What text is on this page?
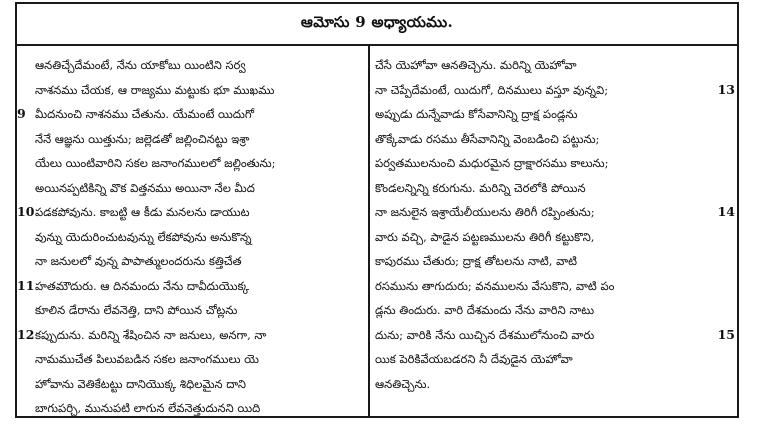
ఆమోసు 9 అధ్యాయము.
ఆనతిచ్చేదేమంటే, నేను యాకోబు యింటిని సర్వ
నాశనము చేయక, ఆ రాజ్యము మట్టుకు భూ ముఖము
9 మీదనుంచి నాశనము చేతును. యేమంటే యిదుగో
నేనే ఆజ్ఞను యిత్తును; జల్లెడతో జల్లించినట్టు ఇశ్రా
యేలు యింటివారిని సకల జనాంగములలో జల్లింతును;
అయినప్పటికిన్ని వొక విత్తనము అయినా నేల మీద
10 పడకపోవును. కాబట్టి ఆ కీడు మనలను డాయుట
వున్ను యెదురించుటవున్ను లేకపోవును అనుకొన్న
నా జనులలో వున్న పాపాత్ములందరును కత్తిచేత
11 హతమౌదురు. ఆ దినమందు నేను దావీదుయొక్క
కూలిన డేరాను లేవనెత్తి, దాని పోయిన చోట్లను
12 కప్పుదును. మరిన్ని శేషించిన నా జనులు, అనగా, నా
నామముచేత పిలువబడిన సకల జనాంగములు యె
హోవాను వెతికేటట్టు దానియొక్క శిధిలమైన దాని
బాగుపర్చి, మునుపటి లాగున లేవనెత్తుదునని యిది
చేసే యెహోవా ఆనతిచ్చెను. మరిన్ని యెహోవా
13
నా చెప్పేదేమంటే, యిదుగో, దినములు వస్తూ వున్నవి;
అప్పుడు దున్నేవాడు కోసేవానిన్ని ద్రాక్ష పండ్లను
తొక్కేవాడు రసము తీసేవానిన్ని వెంబడించి పట్టును;
పర్వతములనుంచి మధురమైన ద్రాక్షారసము కాలును;
కొండలన్నిన్ని కరుగును. మరిన్ని చెరలోకి పోయిన
14
నా జనులైన ఇశ్రాయేలీయులను తిరిగీ రప్పింతును;
వారు వచ్చి, పాడైన పట్టణములను తిరిగీ కట్టుకొని,
కాపురము చేతురు; ద్రాక్ష తోటలను నాటి, వాటి
రసమును తాగుదురు; వనములను వేసుకొని, వాటి పం
డ్లను తిందురు. వారి దేశమందు నేను వారిని నాటు
15
దును; వారికి నేను యిచ్చిన దేశములోనుంచి వారు
యిక పెరికివేయబడరని నీ దేవుడైన యెహోవా
ఆనతిచ్చెను.
